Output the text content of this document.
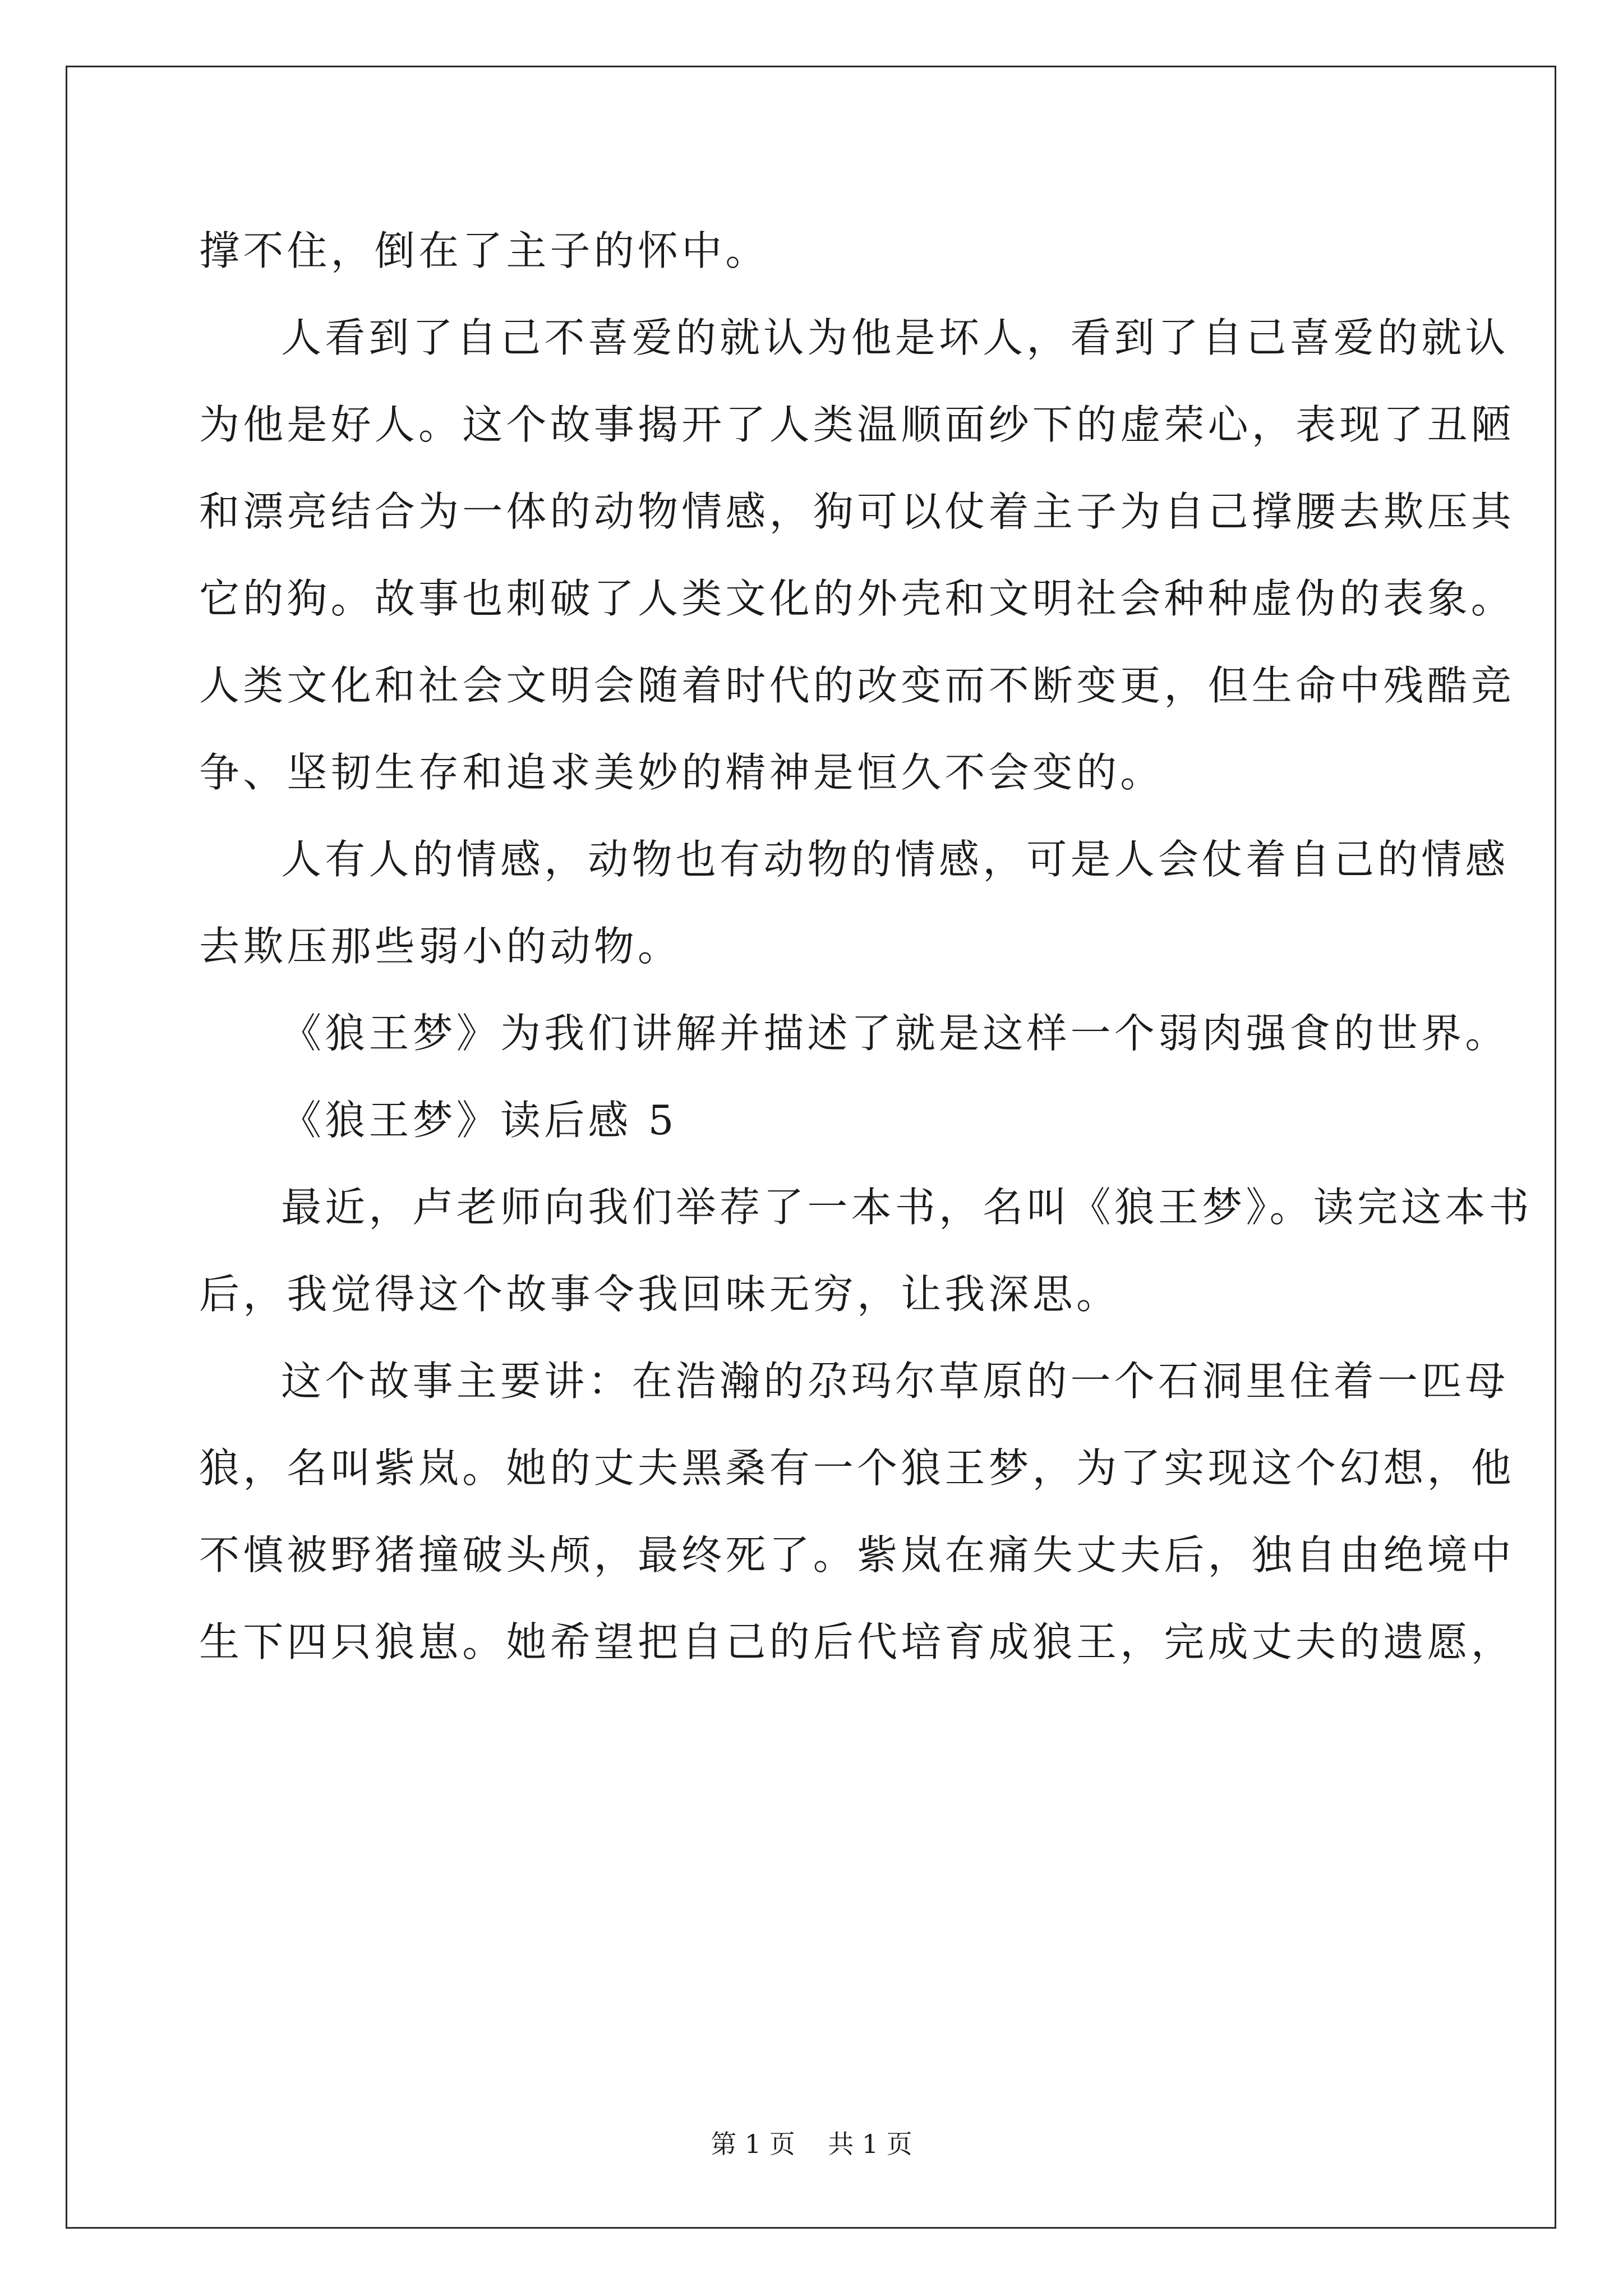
撑不住，倒在了主子的怀中。
人看到了自己不喜爱的就认为他是坏人，看到了自己喜爱的就认
为他是好人。这个故事揭开了人类温顺面纱下的虚荣心，表现了丑陋
和漂亮结合为一体的动物情感，狗可以仗着主子为自己撑腰去欺压其
它的狗。故事也刺破了人类文化的外壳和文明社会种种虚伪的表象。
人类文化和社会文明会随着时代的改变而不断变更，但生命中残酷竞
争、坚韧生存和追求美妙的精神是恒久不会变的。
人有人的情感，动物也有动物的情感，可是人会仗着自己的情感
去欺压那些弱小的动物。
《狼王梦》为我们讲解并描述了就是这样一个弱肉强食的世界。
《狼王梦》读后感 5
最近，卢老师向我们举荐了一本书，名叫《狼王梦》。读完这本书
后，我觉得这个故事令我回味无穷，让我深思。
这个故事主要讲：在浩瀚的尕玛尔草原的一个石洞里住着一匹母
狼，名叫紫岚。她的丈夫黑桑有一个狼王梦，为了实现这个幻想，他
不慎被野猪撞破头颅，最终死了。紫岚在痛失丈夫后，独自由绝境中
生下四只狼崽。她希望把自己的后代培育成狼王，完成丈夫的遗愿，
第 1 页    共 1 页
